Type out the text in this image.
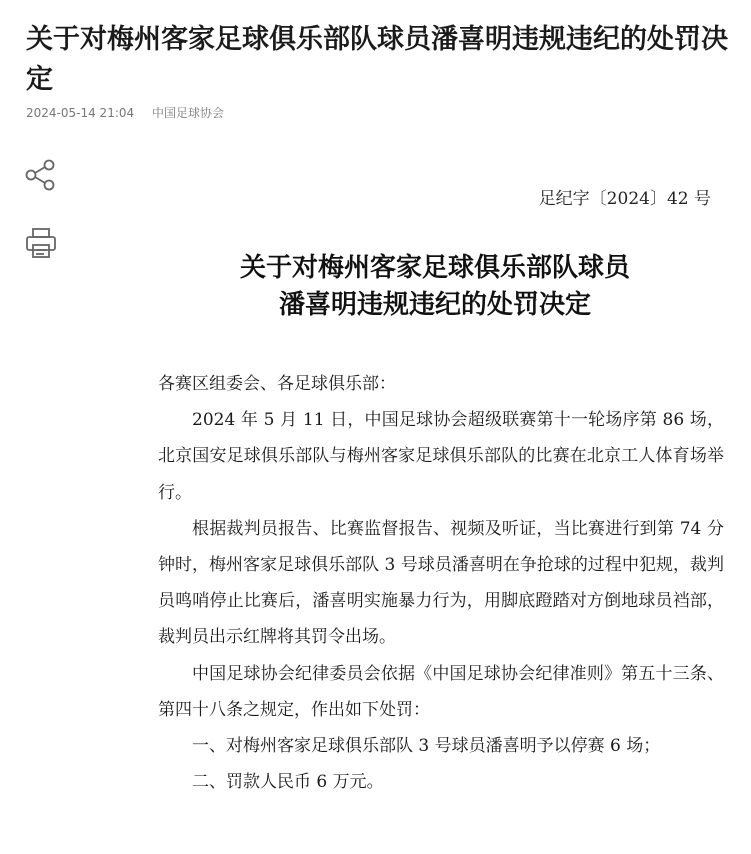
关于对梅州客家足球俱乐部队球员潘喜明违规违纪的处罚决定
2024-05-14 21:04 中国足球协会
足纪字〔2024〕42 号
关于对梅州客家足球俱乐部队球员
潘喜明违规违纪的处罚决定

各赛区组委会、各足球俱乐部：

2024 年 5 月 11 日，中国足球协会超级联赛第十一轮场序第 86 场，北京国安足球俱乐部队与梅州客家足球俱乐部队的比赛在北京工人体育场举行。

根据裁判员报告、比赛监督报告、视频及听证，当比赛进行到第 74 分钟时，梅州客家足球俱乐部队 3 号球员潘喜明在争抢球的过程中犯规，裁判员鸣哨停止比赛后，潘喜明实施暴力行为，用脚底蹬踏对方倒地球员裆部，裁判员出示红牌将其罚令出场。

中国足球协会纪律委员会依据《中国足球协会纪律准则》第五十三条、第四十八条之规定，作出如下处罚：

一、对梅州客家足球俱乐部队 3 号球员潘喜明予以停赛 6 场；

二、罚款人民币 6 万元。
